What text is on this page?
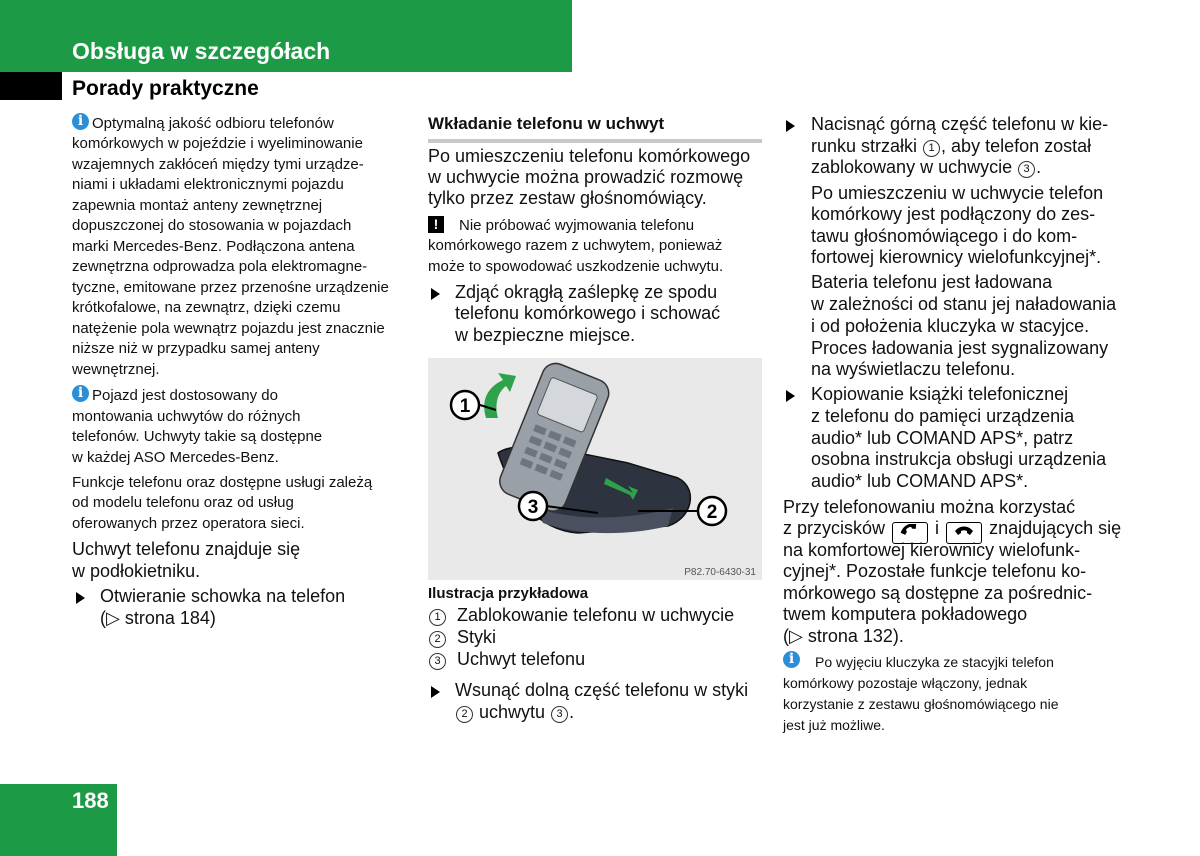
Obsługa w szczegółach
Porady praktyczne
i Optymalną jakość odbioru telefonów
komórkowych w pojeździe i wyeliminowanie
wzajemnych zakłóceń między tymi urządze-
niami i układami elektronicznymi pojazdu
zapewnia montaż anteny zewnętrznej
dopuszczonej do stosowania w pojazdach
marki Mercedes-Benz. Podłączona antena
zewnętrzna odprowadza pola elektromagne-
tyczne, emitowane przez przenośne urządzenie
krótkofalowe, na zewnątrz, dzięki czemu
natężenie pola wewnątrz pojazdu jest znacznie
niższe niż w przypadku samej anteny
wewnętrznej.
i Pojazd jest dostosowany do
montowania uchwytów do różnych
telefonów. Uchwyty takie są dostępne
w każdej ASO Mercedes-Benz.
Funkcje telefonu oraz dostępne usługi zależą
od modelu telefonu oraz od usług
oferowanych przez operatora sieci.
Uchwyt telefonu znajduje się
w podłokietniku.
Otwieranie schowka na telefon
(▷ strona 184)
Wkładanie telefonu w uchwyt
Po umieszczeniu telefonu komórkowego
w uchwycie można prowadzić rozmowę
tylko przez zestaw głośnomówiący.
!	Nie próbować wyjmowania telefonu
komórkowego razem z uchwytem, ponieważ
może to spowodować uszkodzenie uchwytu.
Zdjąć okrągłą zaślepkę ze spodu
telefonu komórkowego i schować
w bezpieczne miejsce.
1
3	2
P82.70-6430-31
Ilustracja przykładowa
1 Zablokowanie telefonu w uchwycie
2 Styki
3 Uchwyt telefonu
Wsunąć dolną część telefonu w styki
2 uchwytu 3 .
Nacisnąć górną część telefonu w kie-
runku strzałki 1 , aby telefon został
zablokowany w uchwycie 3 .
Po umieszczeniu w uchwycie telefon
komórkowy jest podłączony do zes-
tawu głośnomówiącego i do kom-
fortowej kierownicy wielofunkcyjnej*.
Bateria telefonu jest ładowana
w zależności od stanu jej naładowania
i od położenia kluczyka w stacyjce.
Proces ładowania jest sygnalizowany
na wyświetlaczu telefonu.
Kopiowanie książki telefonicznej
z telefonu do pamięci urządzenia
audio* lub COMAND APS*, patrz
osobna instrukcja obsługi urządzenia
audio* lub COMAND APS*.
Przy telefonowaniu można korzystać
z przycisków	i	znajdujących się
na komfortowej kierownicy wielofunk-
cyjnej*. Pozostałe funkcje telefonu ko-
mórkowego są dostępne za pośrednic-
twem komputera pokładowego
(▷ strona 132).
i	Po wyjęciu kluczyka ze stacyjki telefon
komórkowy pozostaje włączony, jednak
korzystanie z zestawu głośnomówiącego nie
jest już możliwe.
188
